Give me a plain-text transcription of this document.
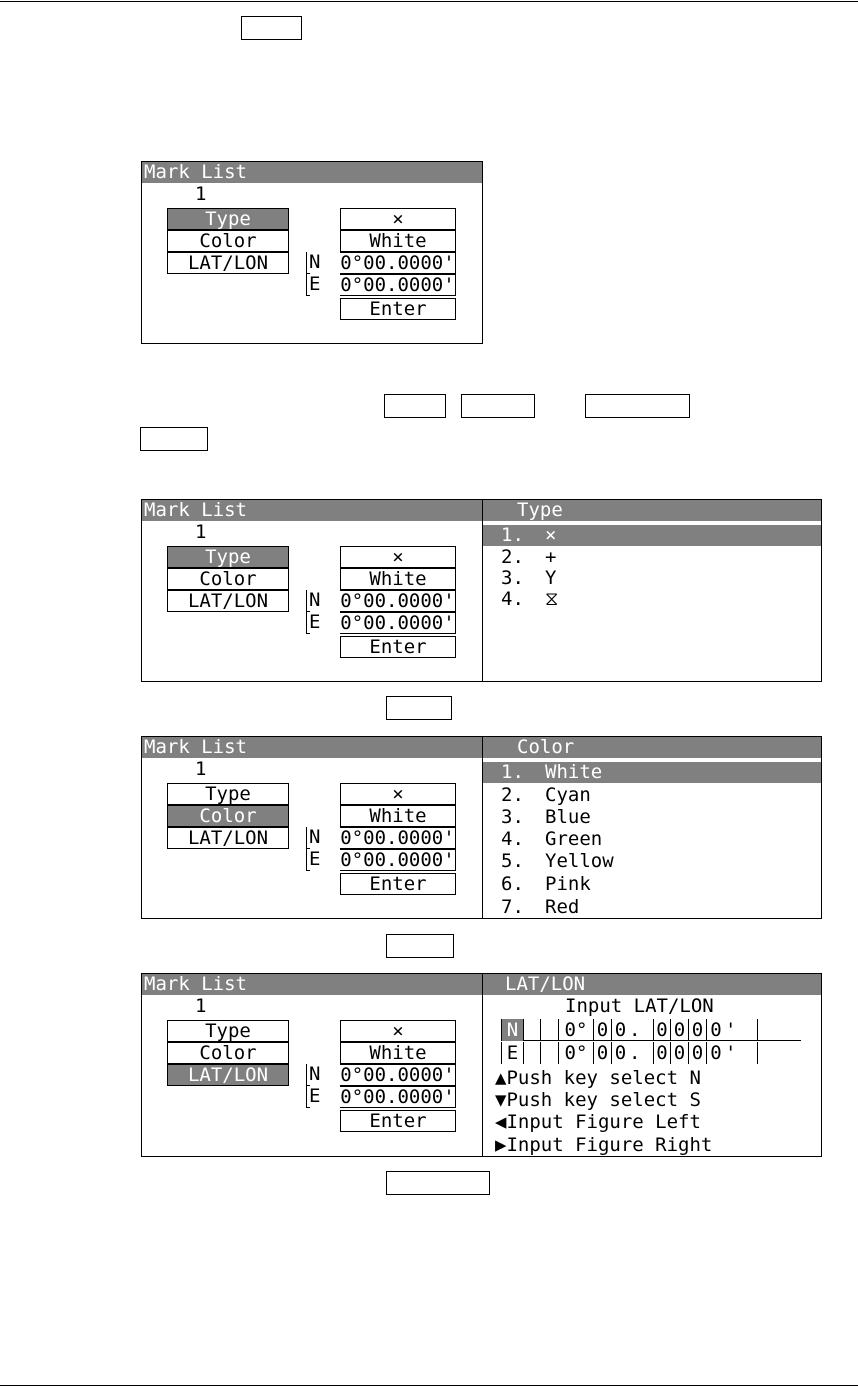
Mark List
1
Type
Color
LAT/LON
×
White
N 0°00.0000'
E 0°00.0000'
Enter
Mark List
1
Type
Color
LAT/LON
×
White
N 0°00.0000'
E 0°00.0000'
Enter
Type
1. ×
2. +
3. Y
4. ⧖
Mark List
1
Type
Color
LAT/LON
×
White
N 0°00.0000'
E 0°00.0000'
Enter
Color
1. White
2. Cyan
3. Blue
4. Green
5. Yellow
6. Pink
7. Red
Mark List
1
Type
Color
LAT/LON
×
White
N 0°00.0000'
E 0°00.0000'
Enter
LAT/LON
Input LAT/LON
N	0° 0 0 . 0 0 0 0 '
E	0° 0 0 . 0 0 0 0 '
▲Push key select N
▼Push key select S
◀Input Figure Left
▶Input Figure Right
